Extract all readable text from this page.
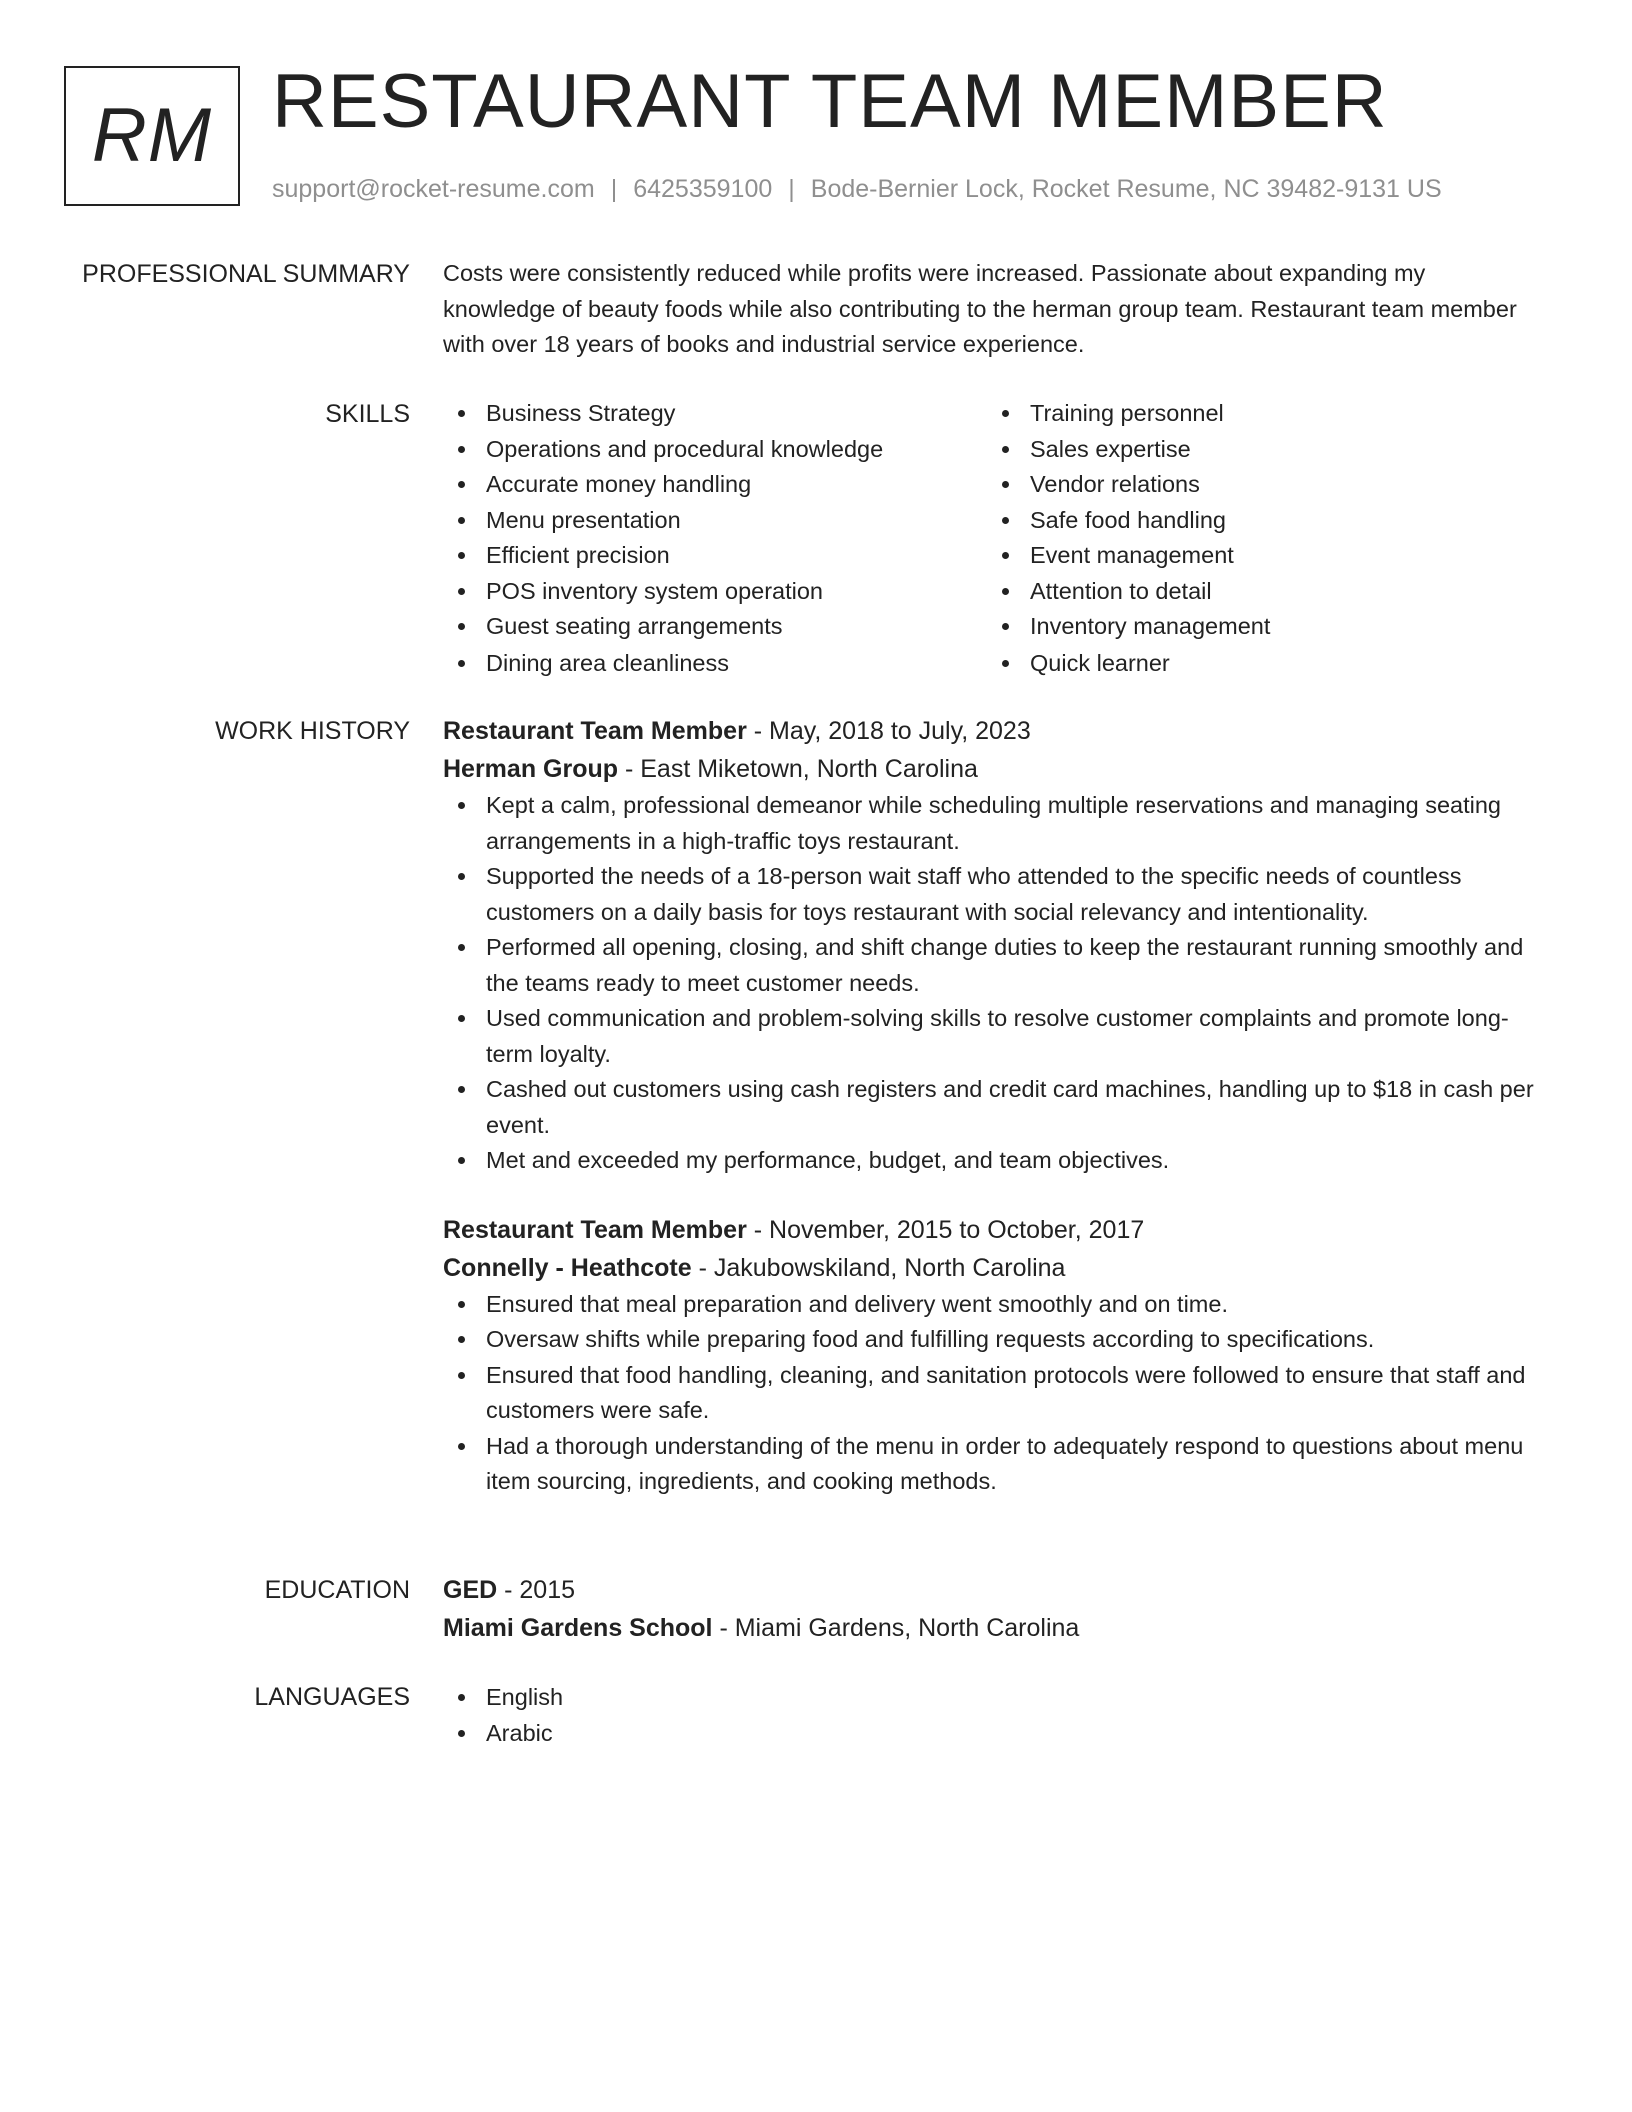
RM RESTAURANT TEAM MEMBER
support@rocket-resume.com | 6425359100 | Bode-Bernier Lock, Rocket Resume, NC 39482-9131 US
PROFESSIONAL SUMMARY Costs were consistently reduced while profits were increased. Passionate about expanding my knowledge of beauty foods while also contributing to the herman group team. Restaurant team member with over 18 years of books and industrial service experience.

SKILLS	Business Strategy
Operations and procedural knowledge
Accurate money handling
Menu presentation
Efficient precision
POS inventory system operation
Guest seating arrangements
Dining area cleanliness
Training personnel
Sales expertise
Vendor relations
Safe food handling
Event management
Attention to detail
Inventory management
Quick learner
WORK HISTORY Restaurant Team Member - May, 2018 to July, 2023
Herman Group - East Miketown, North Carolina
Kept a calm, professional demeanor while scheduling multiple reservations and managing seating arrangements in a high-traffic toys restaurant.
Supported the needs of a 18-person wait staff who attended to the specific needs of countless customers on a daily basis for toys restaurant with social relevancy and intentionality.
Performed all opening, closing, and shift change duties to keep the restaurant running smoothly and the teams ready to meet customer needs.
Used communication and problem-solving skills to resolve customer complaints and promote long-term loyalty.
Cashed out customers using cash registers and credit card machines, handling up to $18 in cash per event.
Met and exceeded my performance, budget, and team objectives.
Restaurant Team Member - November, 2015 to October, 2017
Connelly - Heathcote - Jakubowskiland, North Carolina
Ensured that meal preparation and delivery went smoothly and on time.
Oversaw shifts while preparing food and fulfilling requests according to specifications.
Ensured that food handling, cleaning, and sanitation protocols were followed to ensure that staff and customers were safe.
Had a thorough understanding of the menu in order to adequately respond to questions about menu item sourcing, ingredients, and cooking methods.
EDUCATION GED - 2015
Miami Gardens School - Miami Gardens, North Carolina
LANGUAGES	English
Arabic
